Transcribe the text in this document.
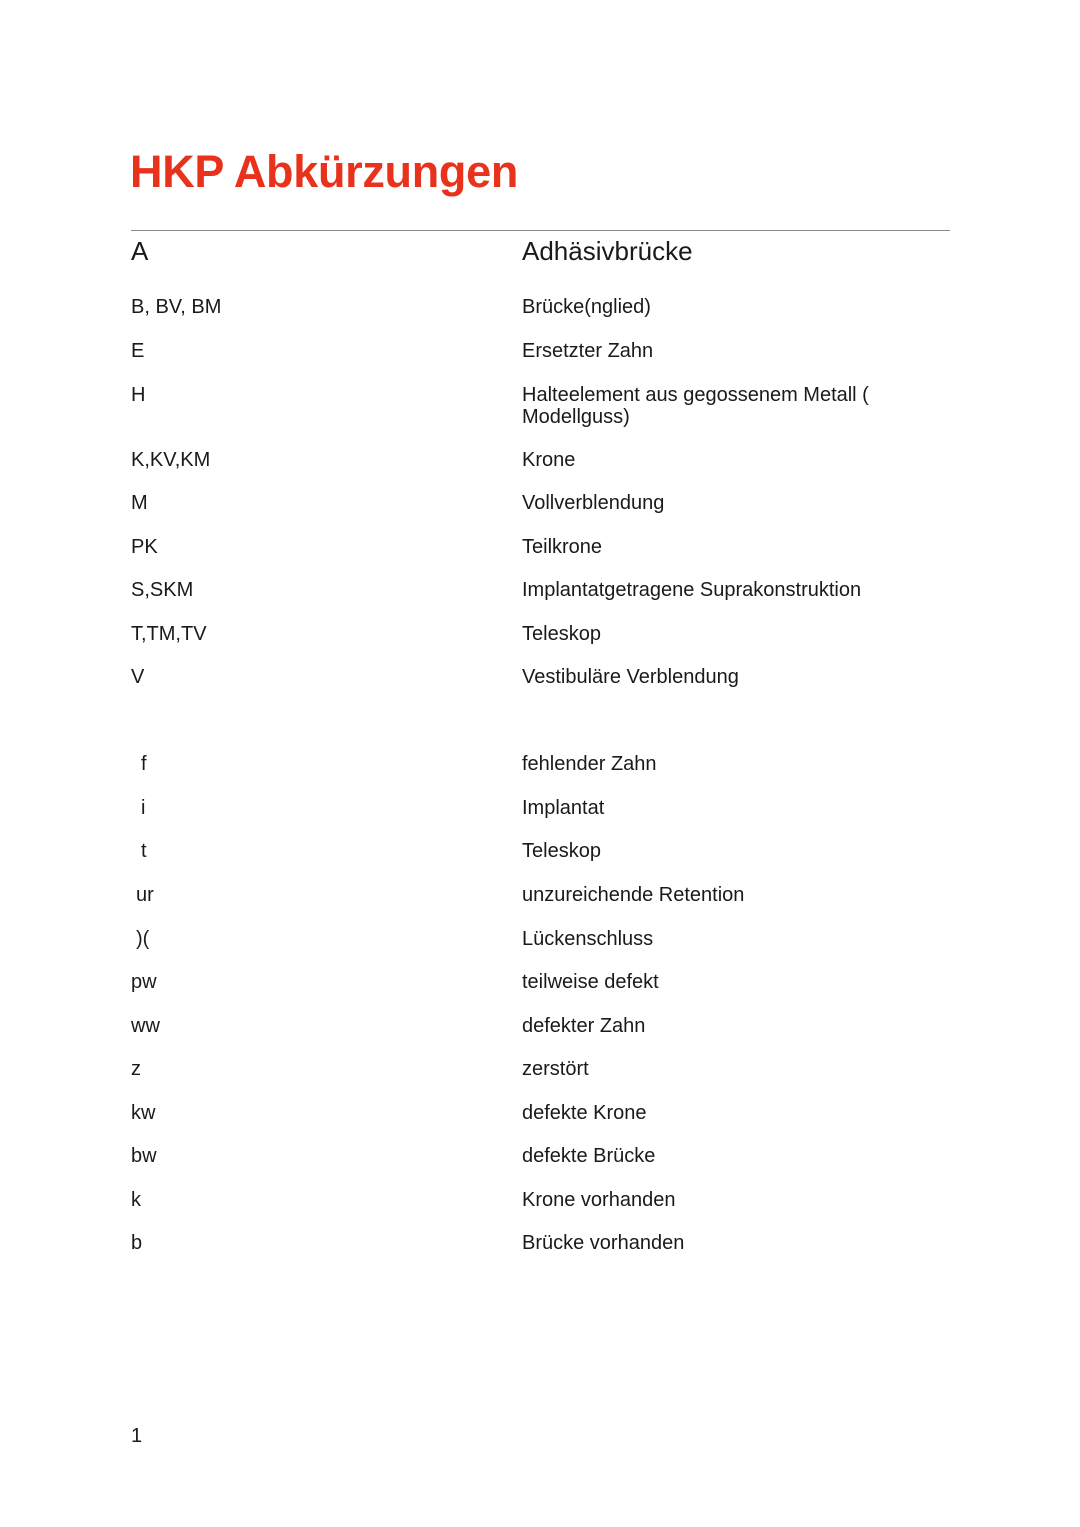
HKP Abkürzungen
A	Adhäsivbrücke
B, BV, BM	Brücke(nglied)
E	Ersetzter Zahn
H	Halteelement aus gegossenem Metall ( Modellguss)
K,KV,KM	Krone
M	Vollverblendung
PK	Teilkrone
S,SKM	Implantatgetragene Suprakonstruktion
T,TM,TV	Teleskop
V	Vestibuläre Verblendung
f	fehlender Zahn
i	Implantat
t	Teleskop
ur	unzureichende Retention
)(	Lückenschluss
pw	teilweise defekt
ww	defekter Zahn
z	zerstört
kw	defekte Krone
bw	defekte Brücke
k	Krone vorhanden
b	Brücke vorhanden
1
